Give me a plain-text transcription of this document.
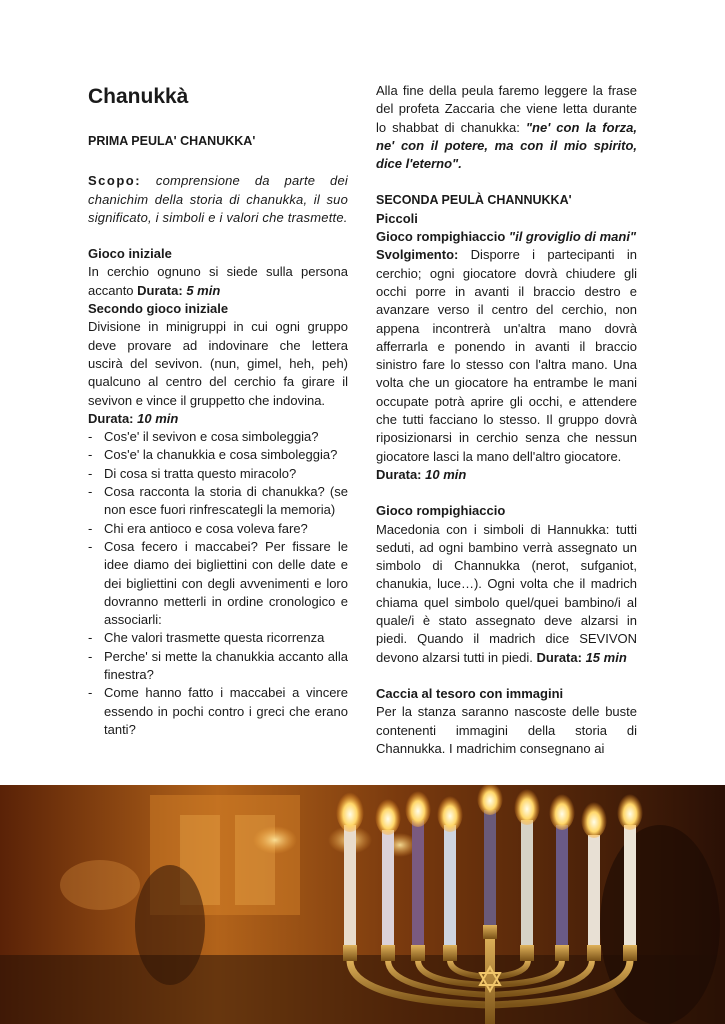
Chanukkà
PRIMA PEULA' CHANUKKA'
Scopo: comprensione da parte dei chanichim della storia di chanukka, il suo significato, i simboli e i valori che trasmette.
Gioco iniziale
In cerchio ognuno si siede sulla persona accanto Durata: 5 min
Secondo gioco iniziale
Divisione in minigruppi in cui ogni gruppo deve provare ad indovinare che lettera uscirà del sevivon. (nun, gimel, heh, peh) qualcuno al centro del cerchio fa girare il sevivon e vince il gruppetto che indovina.
Durata: 10 min
- Cos'e' il sevivon e cosa simboleggia?
- Cos'e' la chanukkia e cosa simboleggia?
- Di cosa si tratta questo miracolo?
- Cosa racconta la storia di chanukka? (se non esce fuori rinfrescategli la memoria)
- Chi era antioco e cosa voleva fare?
- Cosa fecero i maccabei? Per fissare le idee diamo dei bigliettini con delle date e dei bigliettini con degli avvenimenti e loro dovranno metterli in ordine cronologico e associarli:
- Che valori trasmette questa ricorrenza
- Perche' si mette la chanukkia accanto alla finestra?
- Come hanno fatto i maccabei a vincere essendo in pochi contro i greci che erano tanti?
Alla fine della peula faremo leggere la frase del profeta Zaccaria che viene letta durante lo shabbat di chanukka: "ne' con la forza, ne' con il potere, ma con il mio spirito, dice l'eterno".
SECONDA PEULÀ CHANNUKKA'
Piccoli
Gioco rompighiaccio "il groviglio di mani"
Svolgimento: Disporre i partecipanti in cerchio; ogni giocatore dovrà chiudere gli occhi porre in avanti il braccio destro e avanzare verso il centro del cerchio, non appena incontrerà un'altra mano dovrà afferrarla e ponendo in avanti il braccio sinistro fare lo stesso con l'altra mano. Una volta che un giocatore ha entrambe le mani occupate potrà aprire gli occhi, e attendere che tutti facciano lo stesso. Il gruppo dovrà riposizionarsi in cerchio senza che nessun giocatore lasci la mano dell'altro giocatore.
Durata: 10 min
Gioco rompighiaccio
Macedonia con i simboli di Hannukka: tutti seduti, ad ogni bambino verrà assegnato un simbolo di Channukka (nerot, sufganiot, chanukia, luce…). Ogni volta che il madrich chiama quel simbolo quel/quei bambino/i al quale/i è stato assegnato deve alzarsi in piedi. Quando il madrich dice SEVIVON devono alzarsi tutti in piedi. Durata: 15 min
Caccia al tesoro con immagini
Per la stanza saranno nascoste delle buste contenenti immagini della storia di Channukka. I madrichim consegnano ai
